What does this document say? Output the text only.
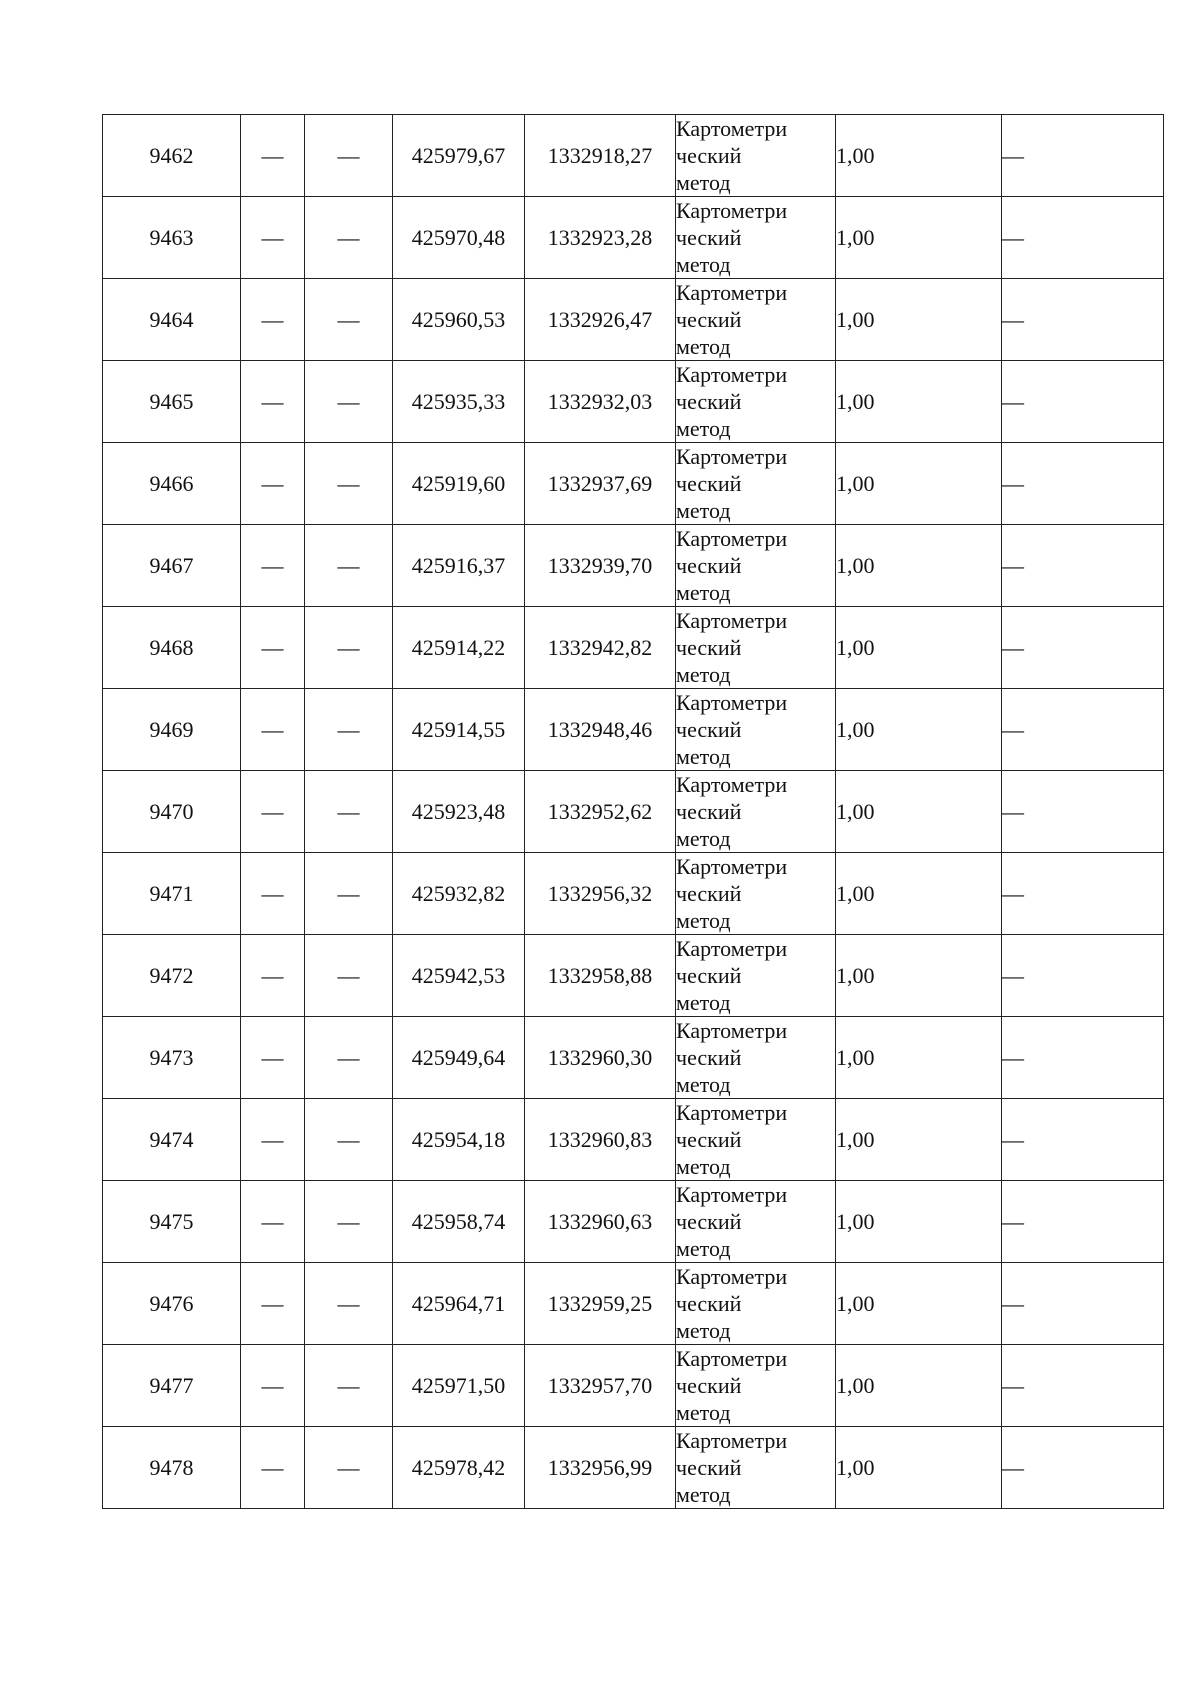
9462	—	—	425979,67	1332918,27	Картометри
ческий
метод	1,00	—
9463	—	—	425970,48	1332923,28	Картометри
ческий
метод	1,00	—
9464	—	—	425960,53	1332926,47	Картометри
ческий
метод	1,00	—
9465	—	—	425935,33	1332932,03	Картометри
ческий
метод	1,00	—
9466	—	—	425919,60	1332937,69	Картометри
ческий
метод	1,00	—
9467	—	—	425916,37	1332939,70	Картометри
ческий
метод	1,00	—
9468	—	—	425914,22	1332942,82	Картометри
ческий
метод	1,00	—
9469	—	—	425914,55	1332948,46	Картометри
ческий
метод	1,00	—
9470	—	—	425923,48	1332952,62	Картометри
ческий
метод	1,00	—
9471	—	—	425932,82	1332956,32	Картометри
ческий
метод	1,00	—
9472	—	—	425942,53	1332958,88	Картометри
ческий
метод	1,00	—
9473	—	—	425949,64	1332960,30	Картометри
ческий
метод	1,00	—
9474	—	—	425954,18	1332960,83	Картометри
ческий
метод	1,00	—
9475	—	—	425958,74	1332960,63	Картометри
ческий
метод	1,00	—
9476	—	—	425964,71	1332959,25	Картометри
ческий
метод	1,00	—
9477	—	—	425971,50	1332957,70	Картометри
ческий
метод	1,00	—
9478	—	—	425978,42	1332956,99	Картометри
ческий
метод	1,00	—
